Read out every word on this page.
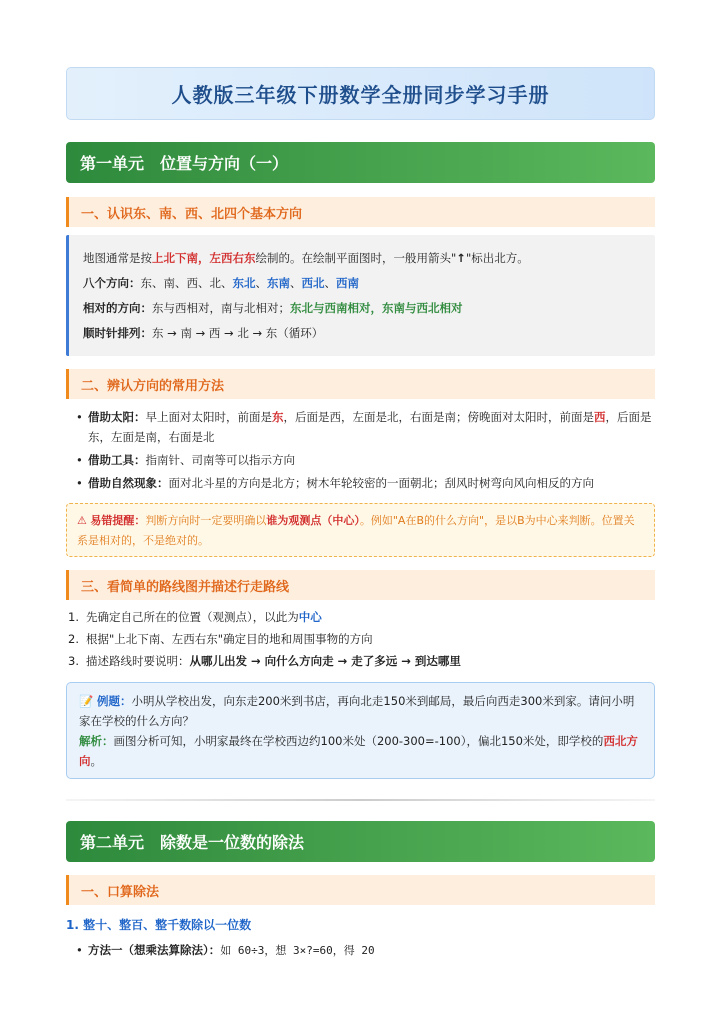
人教版三年级下册数学全册同步学习手册
第一单元　位置与方向（一）
一、认识东、南、西、北四个基本方向
地图通常是按上北下南，左西右东绘制的。在绘制平面图时，一般用箭头"↑"标出北方。
八个方向：东、南、西、北、东北、东南、西北、西南
相对的方向：东与西相对，南与北相对；东北与西南相对，东南与西北相对
顺时针排列：东 → 南 → 西 → 北 → 东（循环）
二、辨认方向的常用方法
• 借助太阳：早上面对太阳时，前面是东，后面是西，左面是北，右面是南；傍晚面对太阳时，前面是西，后面是东，左面是南，右面是北
• 借助工具：指南针、司南等可以指示方向
• 借助自然现象：面对北斗星的方向是北方；树木年轮较密的一面朝北；刮风时树弯向风向相反的方向
⚠ 易错提醒：判断方向时一定要明确以谁为观测点（中心）。例如"A在B的什么方向"，是以B为中心来判断。位置关系是相对的，不是绝对的。
三、看简单的路线图并描述行走路线
1. 先确定自己所在的位置（观测点），以此为中心
2. 根据"上北下南、左西右东"确定目的地和周围事物的方向
3. 描述路线时要说明：从哪儿出发 → 向什么方向走 → 走了多远 → 到达哪里
📝 例题：小明从学校出发，向东走200米到书店，再向北走150米到邮局，最后向西走300米到家。请问小明家在学校的什么方向？
解析：画图分析可知，小明家最终在学校西边约100米处（200-300=-100），偏北150米处，即学校的西北方向。
第二单元　除数是一位数的除法
一、口算除法
1. 整十、整百、整千数除以一位数
• 方法一（想乘法算除法）：如 60÷3，想 3×?=60，得 20
